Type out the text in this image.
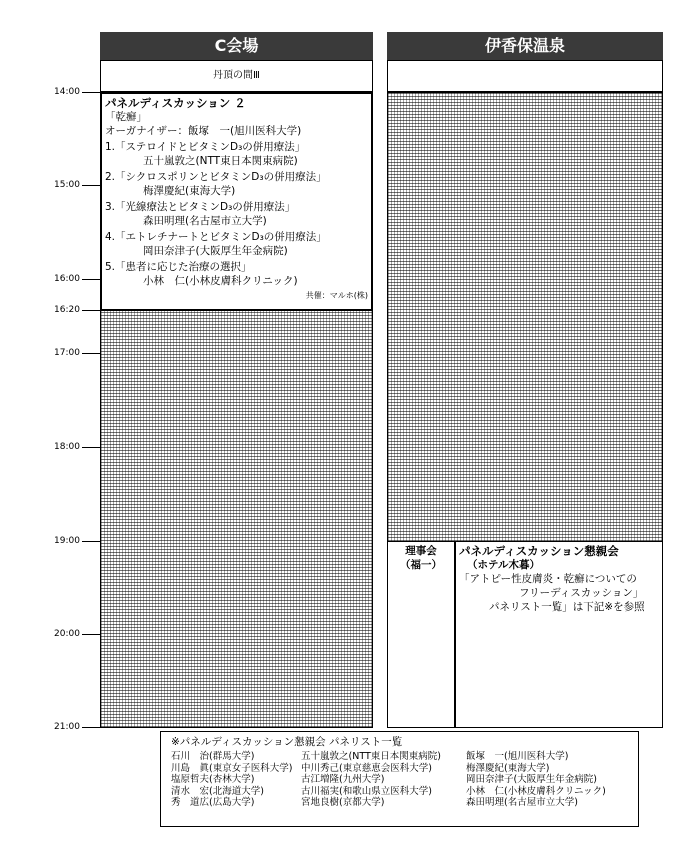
C会場	伊香保温泉
丹頂の間Ⅲ
14:00
15:00
16:00
16:20
17:00
18:00
19:00
20:00
21:00
パネルディスカッション ２
「乾癬」
オーガナイザー：飯塚　一(旭川医科大学)
1.「ステロイドとビタミンD₃の併用療法」
五十嵐敦之(NTT東日本関東病院)
2.「シクロスポリンとビタミンD₃の併用療法」
梅澤慶紀(東海大学)
3.「光線療法とビタミンD₃の併用療法」
森田明理(名古屋市立大学)
4.「エトレチナートとビタミンD₃の併用療法」
岡田奈津子(大阪厚生年金病院)
5.「患者に応じた治療の選択」
小林　仁(小林皮膚科クリニック)
共催：マルホ(株)
理事会
（福一）
パネルディスカッション懇親会
（ホテル木暮）
「アトピー性皮膚炎・乾癬についての
フリーディスカッション」
パネリスト一覧」は下記※を参照
※パネルディスカッション懇親会 パネリスト一覧
石川　治(群馬大学)
川島　眞(東京女子医科大学)
塩原哲夫(杏林大学)
清水　宏(北海道大学)
秀　道広(広島大学)
五十嵐敦之(NTT東日本関東病院)
中川秀己(東京慈恵会医科大学)
古江増隆(九州大学)
古川福実(和歌山県立医科大学)
宮地良樹(京都大学)
飯塚　一(旭川医科大学)
梅澤慶紀(東海大学)
岡田奈津子(大阪厚生年金病院)
小林　仁(小林皮膚科クリニック)
森田明理(名古屋市立大学)
